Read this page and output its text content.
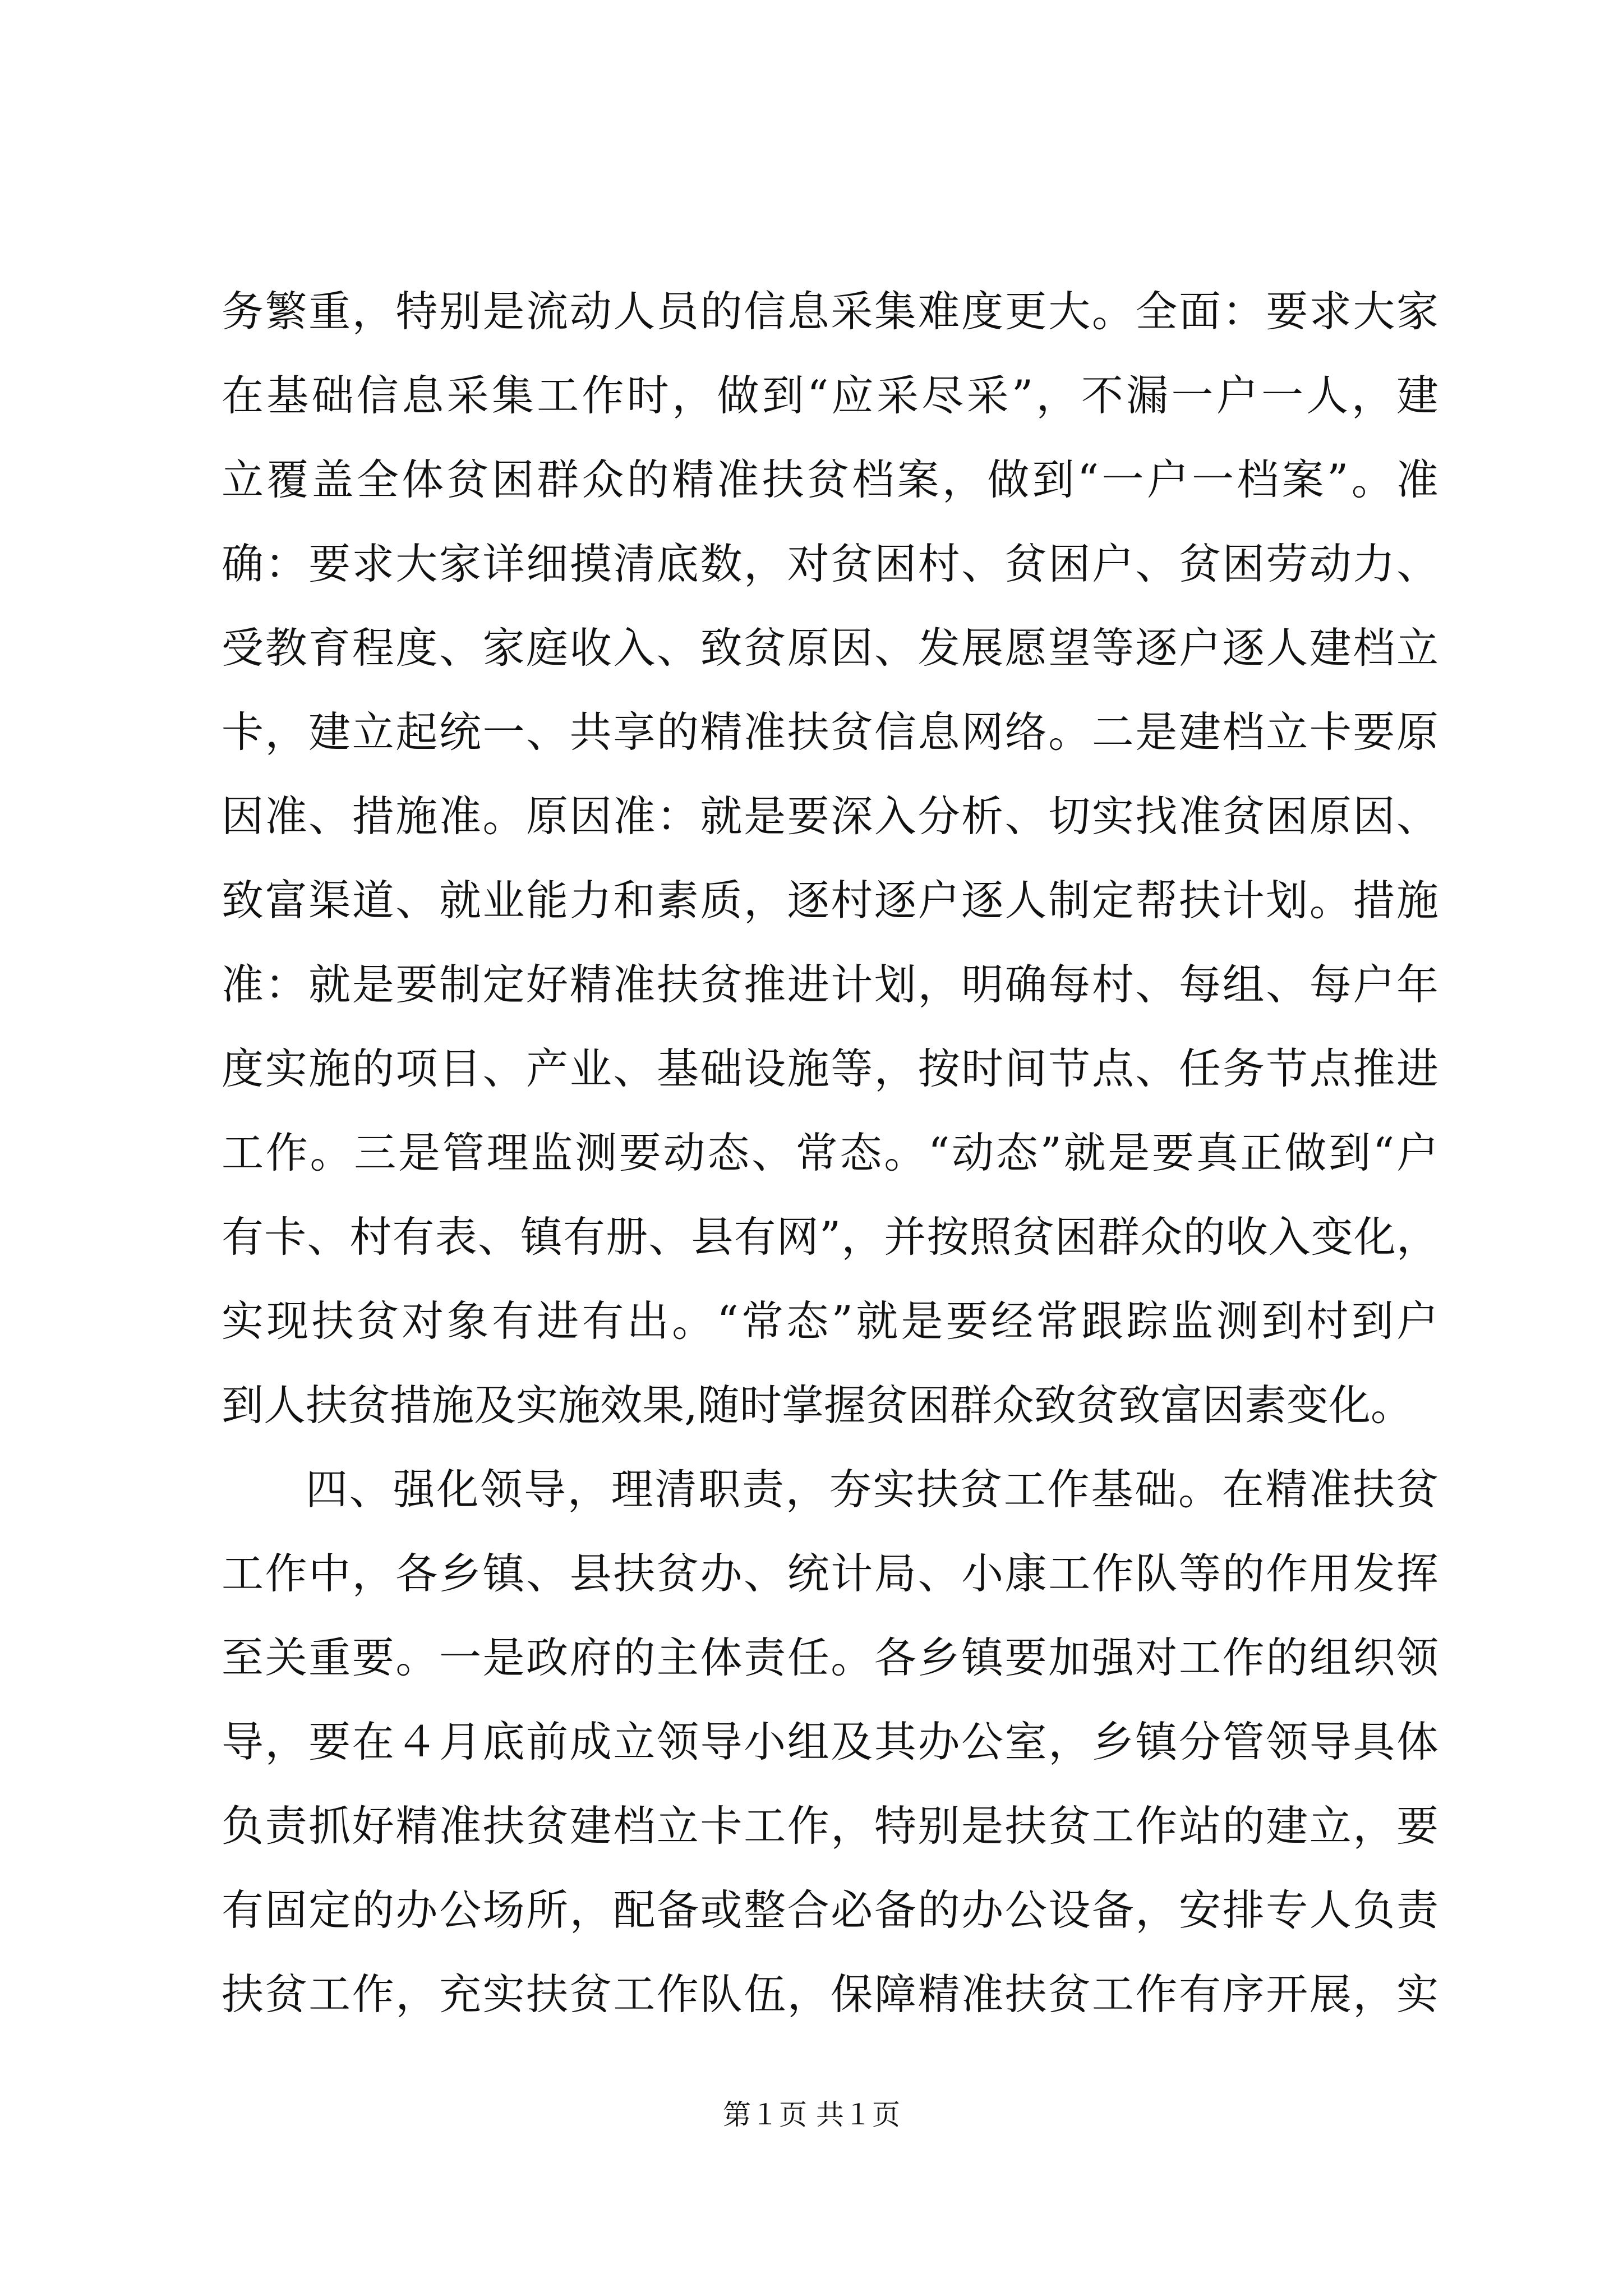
务繁重，特别是流动人员的信息采集难度更大。全面：要求大家
在基础信息采集工作时，做到“应采尽采”，不漏一户一人，建
立覆盖全体贫困群众的精准扶贫档案，做到“一户一档案”。准
确：要求大家详细摸清底数，对贫困村、贫困户、贫困劳动力、
受教育程度、家庭收入、致贫原因、发展愿望等逐户逐人建档立
卡，建立起统一、共享的精准扶贫信息网络。二是建档立卡要原
因准、措施准。原因准：就是要深入分析、切实找准贫困原因、
致富渠道、就业能力和素质，逐村逐户逐人制定帮扶计划。措施
准：就是要制定好精准扶贫推进计划，明确每村、每组、每户年
度实施的项目、产业、基础设施等，按时间节点、任务节点推进
工作。三是管理监测要动态、常态。“动态”就是要真正做到“户
有卡、村有表、镇有册、县有网”，并按照贫困群众的收入变化，
实现扶贫对象有进有出。“常态”就是要经常跟踪监测到村到户
到人扶贫措施及实施效果,随时掌握贫困群众致贫致富因素变化。
四、强化领导，理清职责，夯实扶贫工作基础。在精准扶贫
工作中，各乡镇、县扶贫办、统计局、小康工作队等的作用发挥
至关重要。一是政府的主体责任。各乡镇要加强对工作的组织领
导，要在４月底前成立领导小组及其办公室，乡镇分管领导具体
负责抓好精准扶贫建档立卡工作，特别是扶贫工作站的建立，要
有固定的办公场所，配备或整合必备的办公设备，安排专人负责
扶贫工作，充实扶贫工作队伍，保障精准扶贫工作有序开展，实
第１页 共１页
